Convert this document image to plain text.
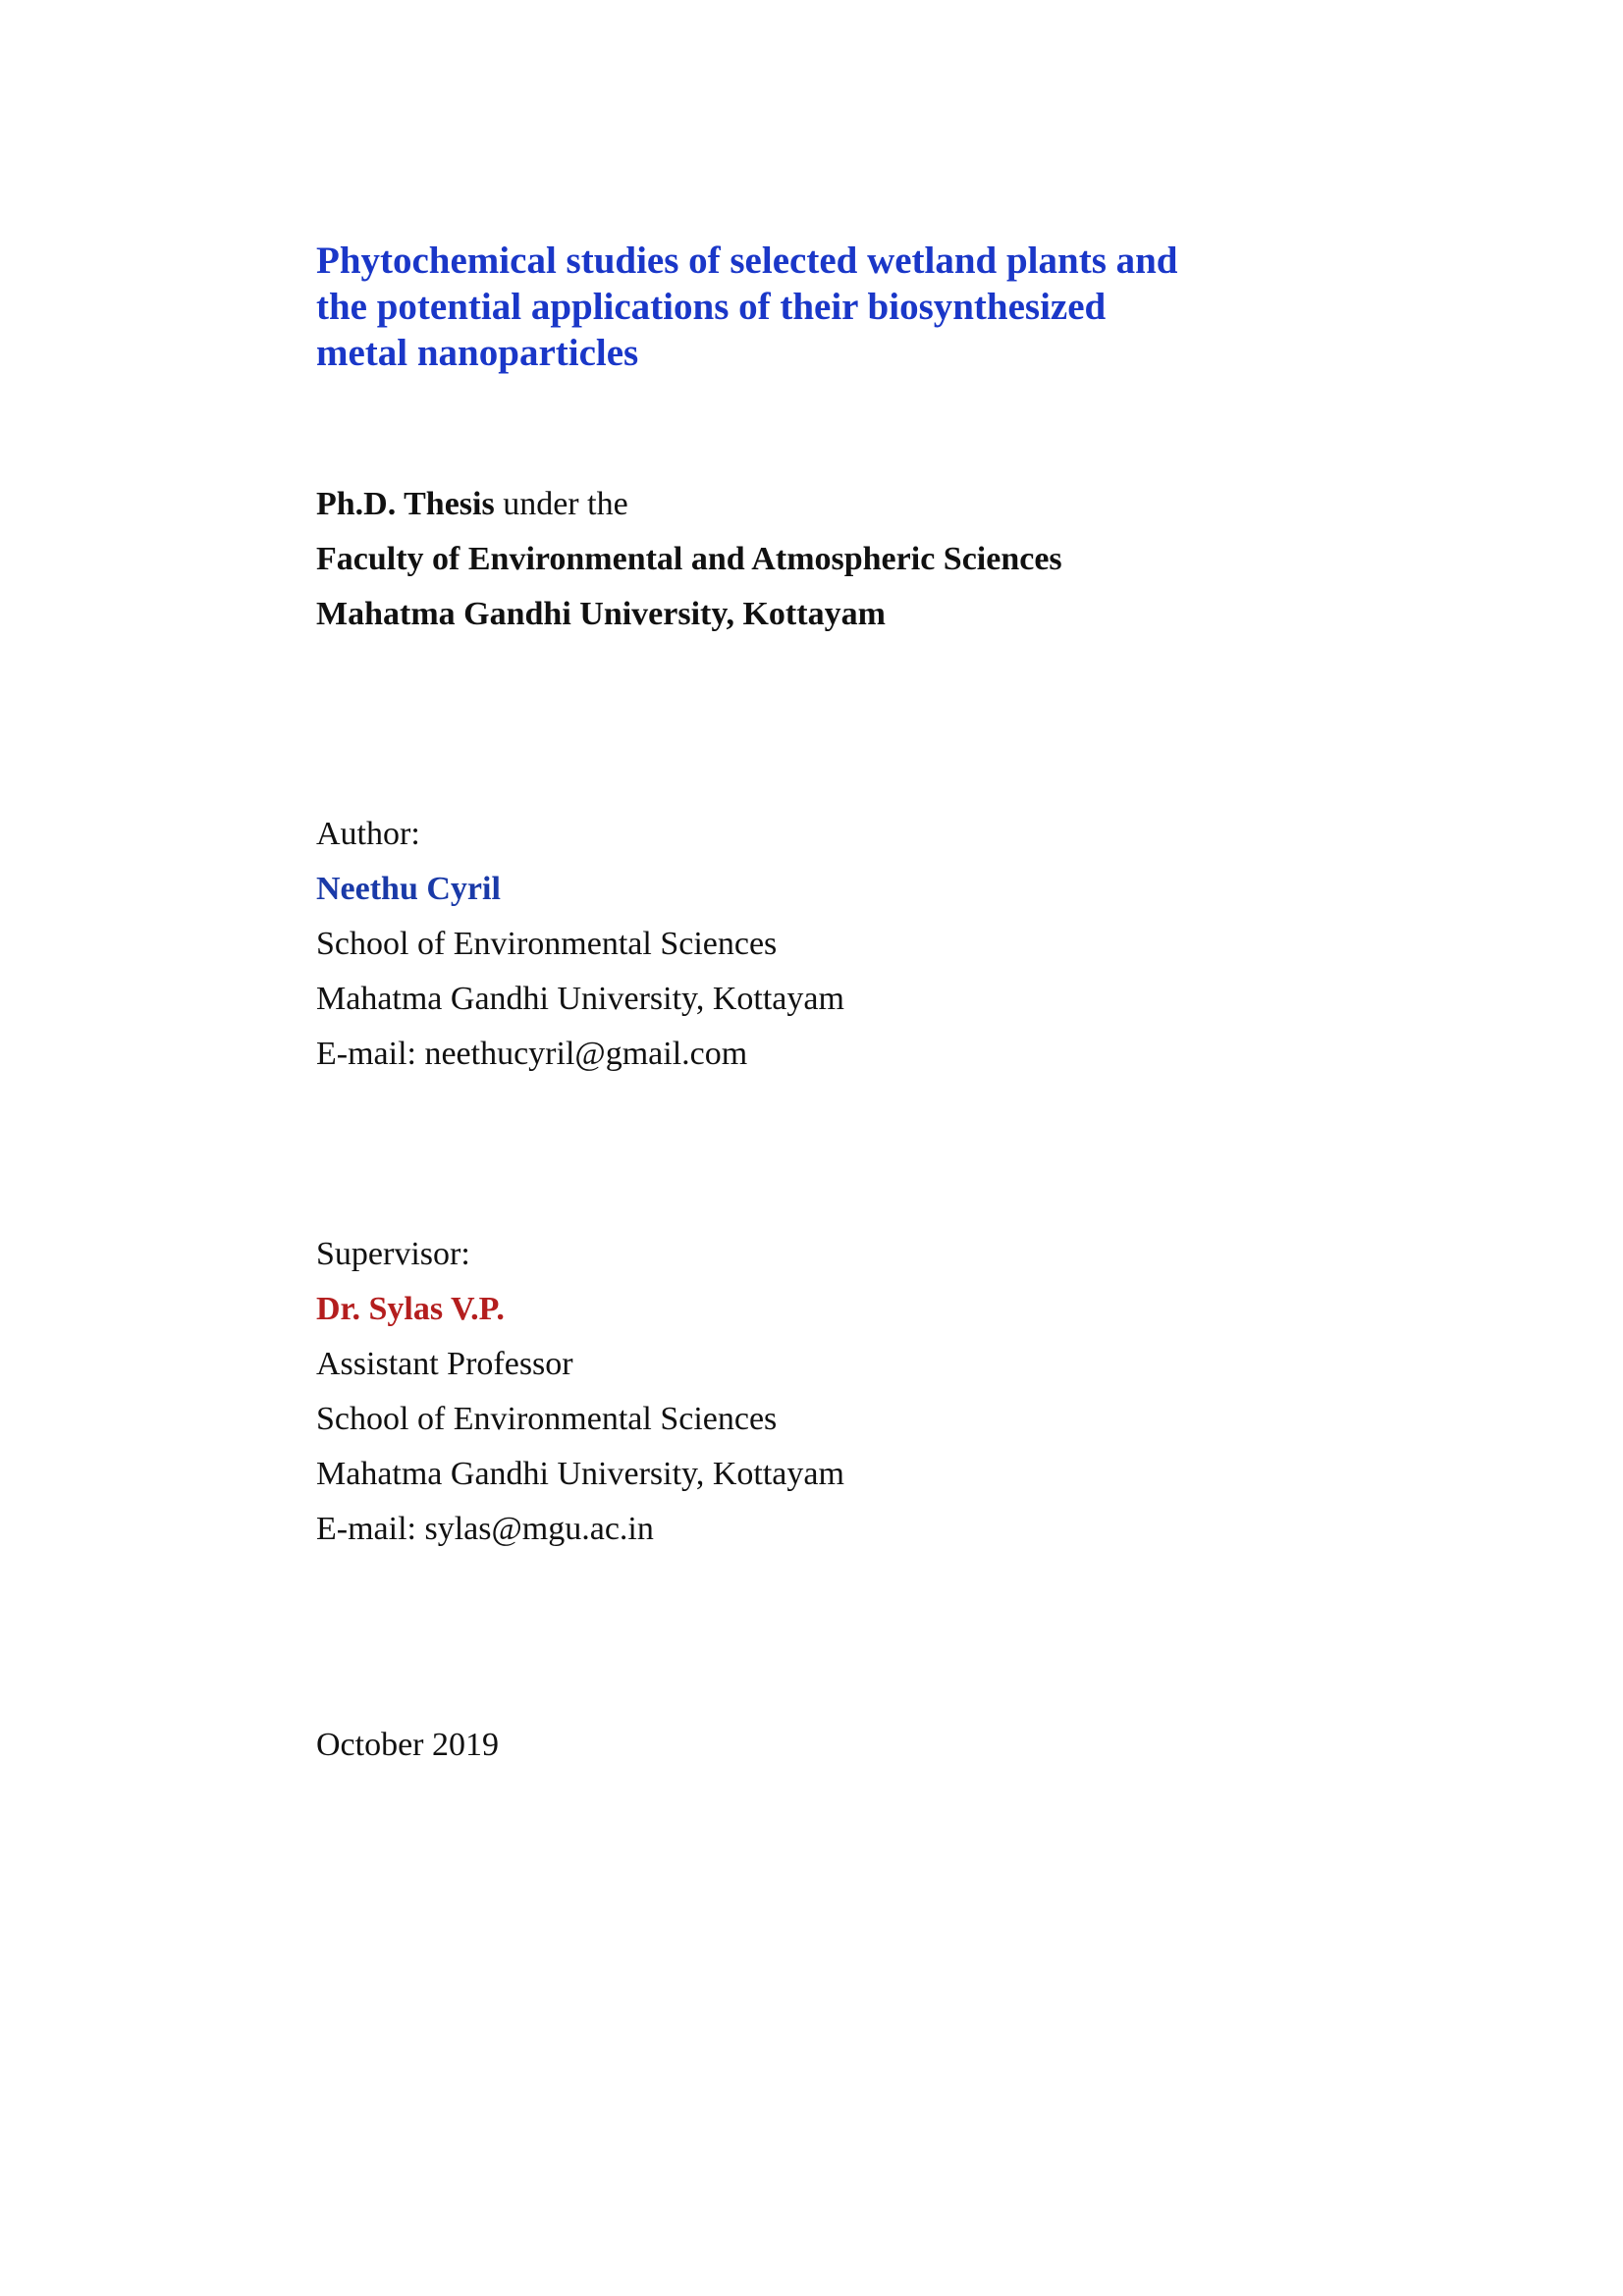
Phytochemical studies of selected wetland plants and
the potential applications of their biosynthesized
metal nanoparticles
Ph.D. Thesis under the
Faculty of Environmental and Atmospheric Sciences
Mahatma Gandhi University, Kottayam
Author:
Neethu Cyril
School of Environmental Sciences
Mahatma Gandhi University, Kottayam
E-mail: neethucyril@gmail.com
Supervisor:
Dr. Sylas V.P.
Assistant Professor
School of Environmental Sciences
Mahatma Gandhi University, Kottayam
E-mail: sylas@mgu.ac.in
October 2019
